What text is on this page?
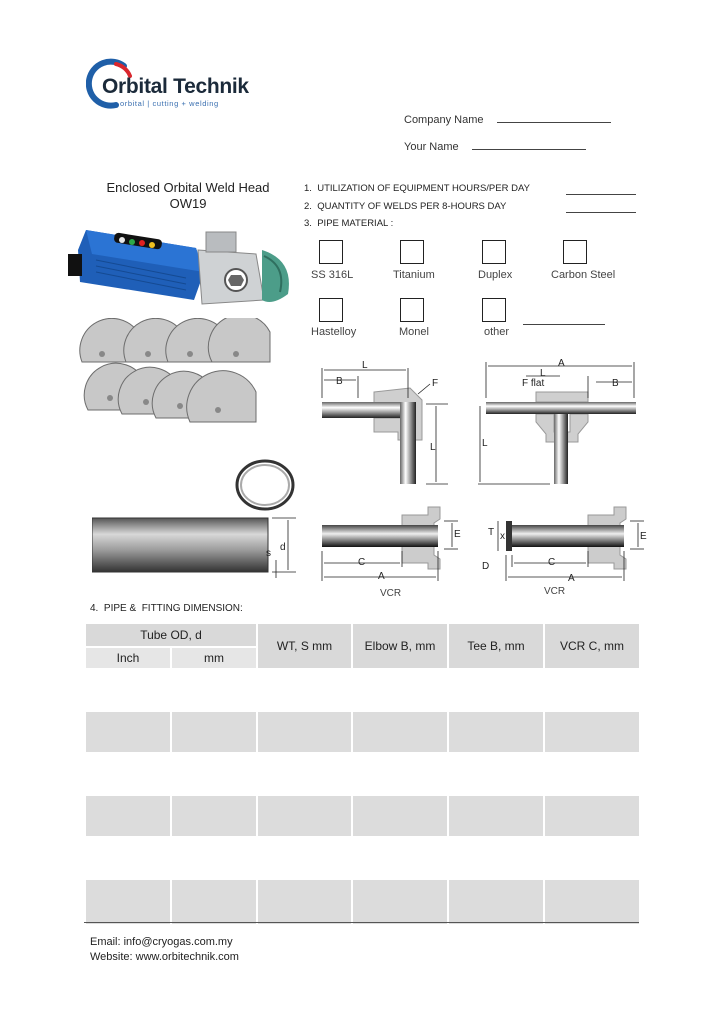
Orbital Technik
orbital | cutting + welding
Company Name
Your Name
Enclosed Orbital Weld Head
OW19
1. UTILIZATION OF EQUIPMENT HOURS/PER DAY
2. QUANTITY OF WELDS PER 8-HOURS DAY
3. PIPE MATERIAL :
SS 316L	Titanium	Duplex	Carbon Steel
Hastelloy	Monel	other
L
B	F
L
A
L
F flat	B
L
d
s
E
C
A
VCR
T x	E
D	C
A
VCR
4.  PIPE &  FITTING DIMENSION:
Tube OD, d		WT, S mm	Elbow B, mm	Tee B, mm	VCR C, mm
Inch	mm				

Email: info@cryogas.com.my
Website: www.orbitechnik.com
